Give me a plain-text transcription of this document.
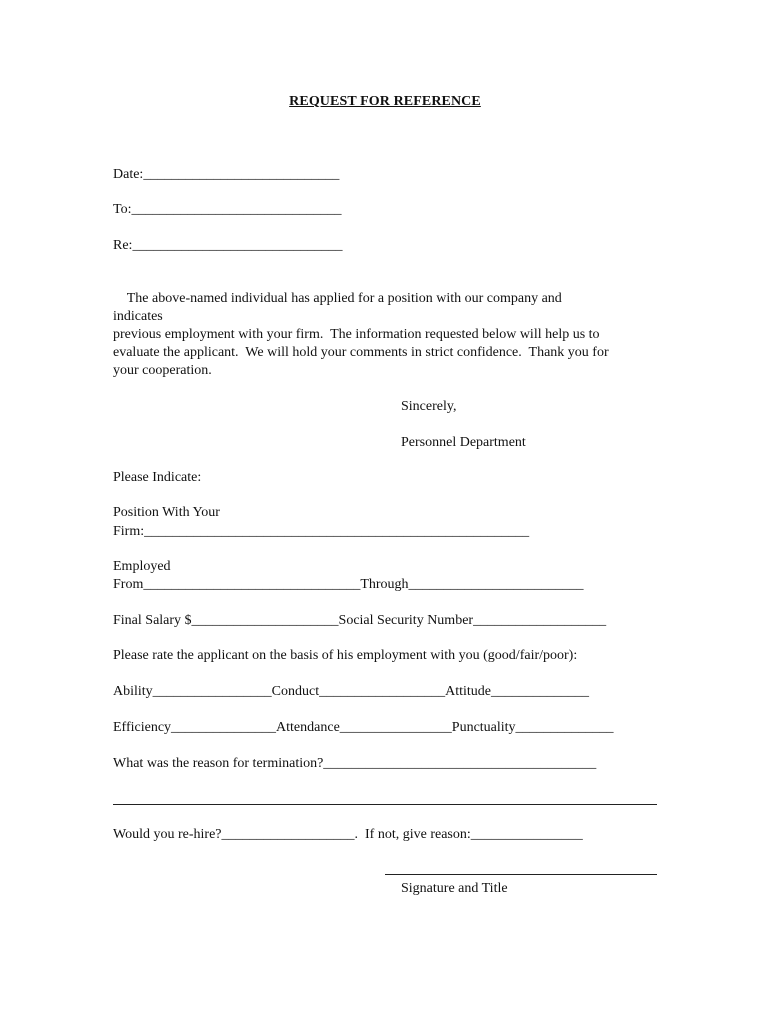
REQUEST FOR REFERENCE
Date:____________________________
To:______________________________
Re:______________________________
The above-named individual has applied for a position with our company and
indicates
previous employment with your firm.  The information requested below will help us to
evaluate the applicant.  We will hold your comments in strict confidence.  Thank you for
your cooperation.
Sincerely,
Personnel Department
Please Indicate:
Position With Your
Firm:_______________________________________________________
Employed
From_______________________________Through_________________________
Final Salary $_____________________Social Security Number___________________
Please rate the applicant on the basis of his employment with you (good/fair/poor):
Ability_________________Conduct__________________Attitude______________
Efficiency_______________Attendance________________Punctuality______________
What was the reason for termination?_______________________________________
Would you re-hire?___________________.  If not, give reason:________________
Signature and Title
